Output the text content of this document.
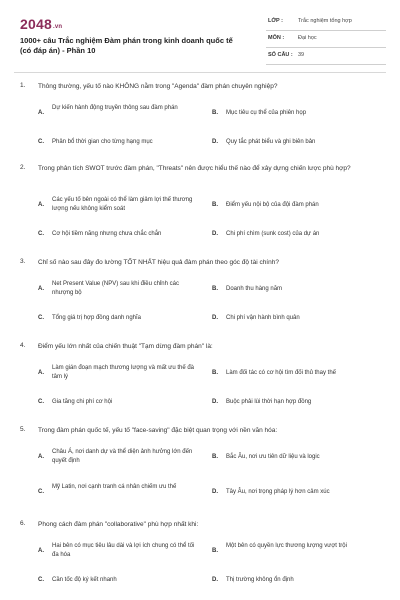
2048.vn
1000+ câu Trắc nghiệm Đàm phán trong kinh doanh quốc tế (có đáp án) - Phần 10
LỚP :	Trắc nghiệm tổng hợp
MÔN :	Đại học
SỐ CÂU : 39
1. Thông thường, yếu tố nào KHÔNG nằm trong "Agenda" đàm phán chuyên nghiệp?
A.
Dự kiến hành động truyền thông sau đàm phán
B. Mục tiêu cụ thể của phiên họp
C. Phân bổ thời gian cho từng hạng mục	D. Quy tắc phát biểu và ghi biên bản
2. Trong phân tích SWOT trước đàm phán, "Threats" nên được hiểu thế nào để xây dựng chiến lược phù hợp?
A.
Các yếu tố bên ngoài có thể làm giảm lợi thế thương lượng nếu không kiểm soát
B. Điểm yếu nội bộ của đội đàm phán
C. Cơ hội tiềm năng nhưng chưa chắc chắn	D. Chi phí chìm (sunk cost) của dự án
3. Chỉ số nào sau đây đo lường TỐT NHẤT hiệu quả đàm phán theo góc độ tài chính?
A.
Net Present Value (NPV) sau khi điều chỉnh các nhượng bộ
B. Doanh thu hàng năm
C. Tổng giá trị hợp đồng danh nghĩa	D. Chi phí vận hành bình quân
4. Điểm yếu lớn nhất của chiến thuật "Tạm dừng đàm phán" là:
A.
Làm gián đoạn mạch thương lượng và mất ưu thế đà tâm lý
B. Làm đối tác có cơ hội tìm đối thủ thay thế
C. Gia tăng chi phí cơ hội	D. Buộc phải lùi thời hạn hợp đồng
5. Trong đàm phán quốc tế, yếu tố "face-saving" đặc biệt quan trọng với nền văn hóa:
A.
Châu Á, nơi danh dự và thể diện ảnh hưởng lớn đến quyết định
B. Bắc Âu, nơi ưu tiên dữ liệu và logic
C.
Mỹ Latin, nơi cạnh tranh cá nhân chiếm ưu thế
D. Tây Âu, nơi trọng pháp lý hơn cảm xúc
6. Phong cách đàm phán "collaborative" phù hợp nhất khi:
A.
Hai bên có mục tiêu lâu dài và lợi ích chung có thể tối đa hóa
B.
Một bên có quyền lực thương lượng vượt trội
C. Cần tốc độ ký kết nhanh	D. Thị trường không ổn định
